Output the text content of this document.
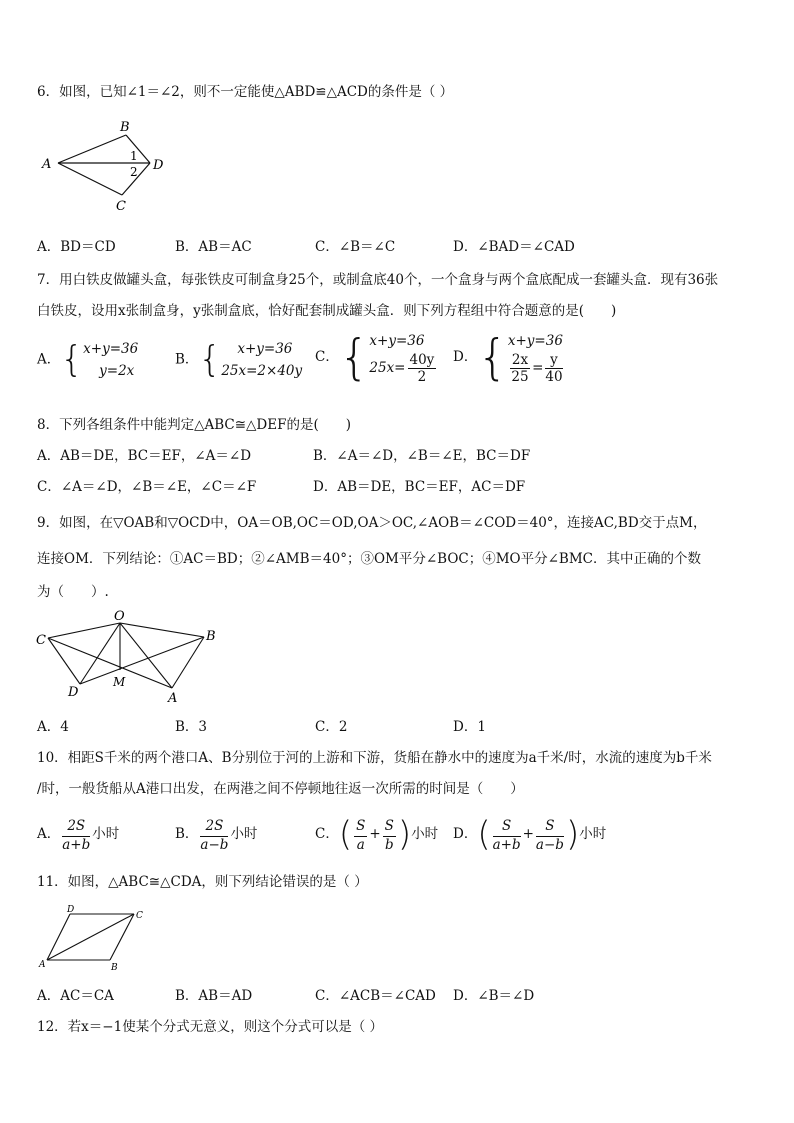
6．如图，已知∠1＝∠2，则不一定能使△ABD≌△ACD的条件是（ ）
A
B
C
D
1
2
A．BD＝CD	B．AB＝AC	C．∠B＝∠C	D．∠BAD＝∠CAD
7．用白铁皮做罐头盒，每张铁皮可制盒身25个，或制盒底40个，一个盒身与两个盒底配成一套罐头盒．现有36张
白铁皮，设用x张制盒身，y张制盒底，恰好配套制成罐头盒．则下列方程组中符合题意的是(　　)
A．{x+y=36
y=2x
B．{ x+y=36
25x=2×40y
C．{x+y=36
$25x= \frac{40y}{2}$ D．{x+y=36

$\frac{2x}{25} = \frac{y}{40}$
8．下列各组条件中能判定△ABC≅△DEF的是(　　)
A．AB＝DE，BC＝EF，∠A＝∠D	B．∠A＝∠D，∠B＝∠E，BC＝DF
C．∠A＝∠D，∠B＝∠E，∠C＝∠F	D．AB＝DE，BC＝EF，AC＝DF
9．如图，在▽OAB和▽OCD中，OA＝OB,OC＝OD,OA＞OC,∠AOB＝∠COD＝40°，连接AC,BD交于点M，
连接OM．下列结论：①AC＝BD；②∠AMB＝40°；③OM平分∠BOC；④MO平分∠BMC．其中正确的个数
为（　　）.
O
B
C
D
M
A
A．4	B．3	C．2	D．1
10．相距S千米的两个港口A、B分别位于河的上游和下游，货船在静水中的速度为a千米/时，水流的速度为b千米
/时，一般货船从A港口出发，在两港之间不停顿地往返一次所需的时间是（　　）
A． $\frac{2S}{a+b}$ 小时	B． $\frac{2S}{a-b}$ 小时	C．( $\frac{S}{a} + \frac{S}{b}$ )小时 D．( $\frac{S}{a+b} + \frac{S}{a-b}$ )小时
11．如图，△ABC≅△CDA，则下列结论错误的是（ ）
D
C
A	B
A．AC＝CA	B．AB＝AD	C．∠ACB＝∠CAD D．∠B＝∠D
12．若x＝−1使某个分式无意义，则这个分式可以是（ ）
